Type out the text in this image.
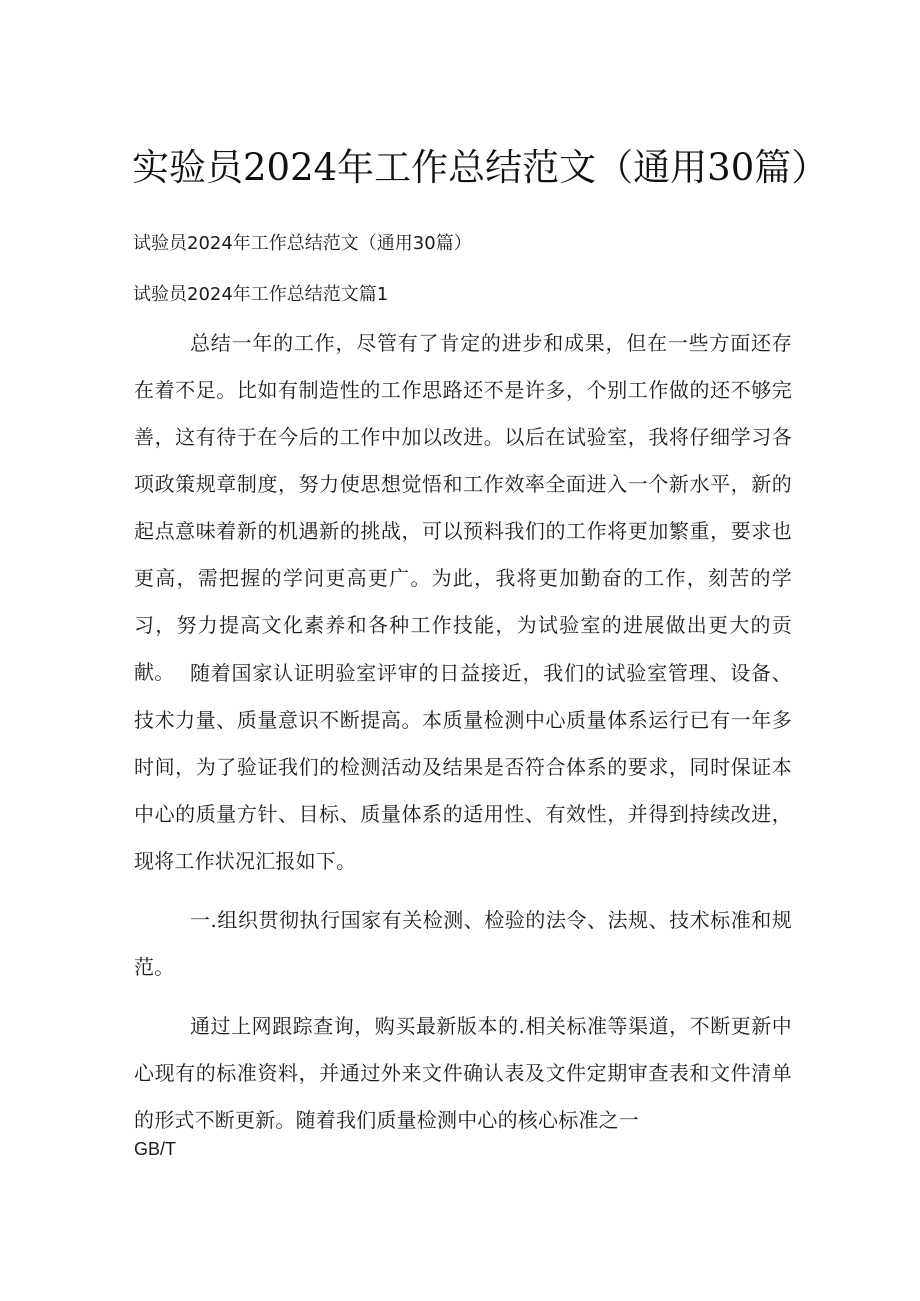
实验员2024年工作总结范文（通用30篇）
试验员2024年工作总结范文（通用30篇）
试验员2024年工作总结范文篇1

总结一年的工作，尽管有了肯定的进步和成果，但在一些方面还存在着不足。比如有制造性的工作思路还不是许多，个别工作做的还不够完善，这有待于在今后的工作中加以改进。以后在试验室，我将仔细学习各项政策规章制度，努力使思想觉悟和工作效率全面进入一个新水平，新的起点意味着新的机遇新的挑战，可以预料我们的工作将更加繁重，要求也更高，需把握的学问更高更广。为此，我将更加勤奋的工作，刻苦的学习，努力提高文化素养和各种工作技能，为试验室的进展做出更大的贡献。 随着国家认证明验室评审的日益接近，我们的试验室管理、设备、技术力量、质量意识不断提高。本质量检测中心质量体系运行已有一年多时间，为了验证我们的检测活动及结果是否符合体系的要求，同时保证本中心的质量方针、目标、质量体系的适用性、有效性，并得到持续改进，现将工作状况汇报如下。

一.组织贯彻执行国家有关检测、检验的法令、法规、技术标准和规范。

通过上网跟踪查询，购买最新版本的.相关标准等渠道，不断更新中心现有的标准资料，并通过外来文件确认表及文件定期审查表和文件清单的形式不断更新。随着我们质量检测中心的核心标准之一

GB/T
